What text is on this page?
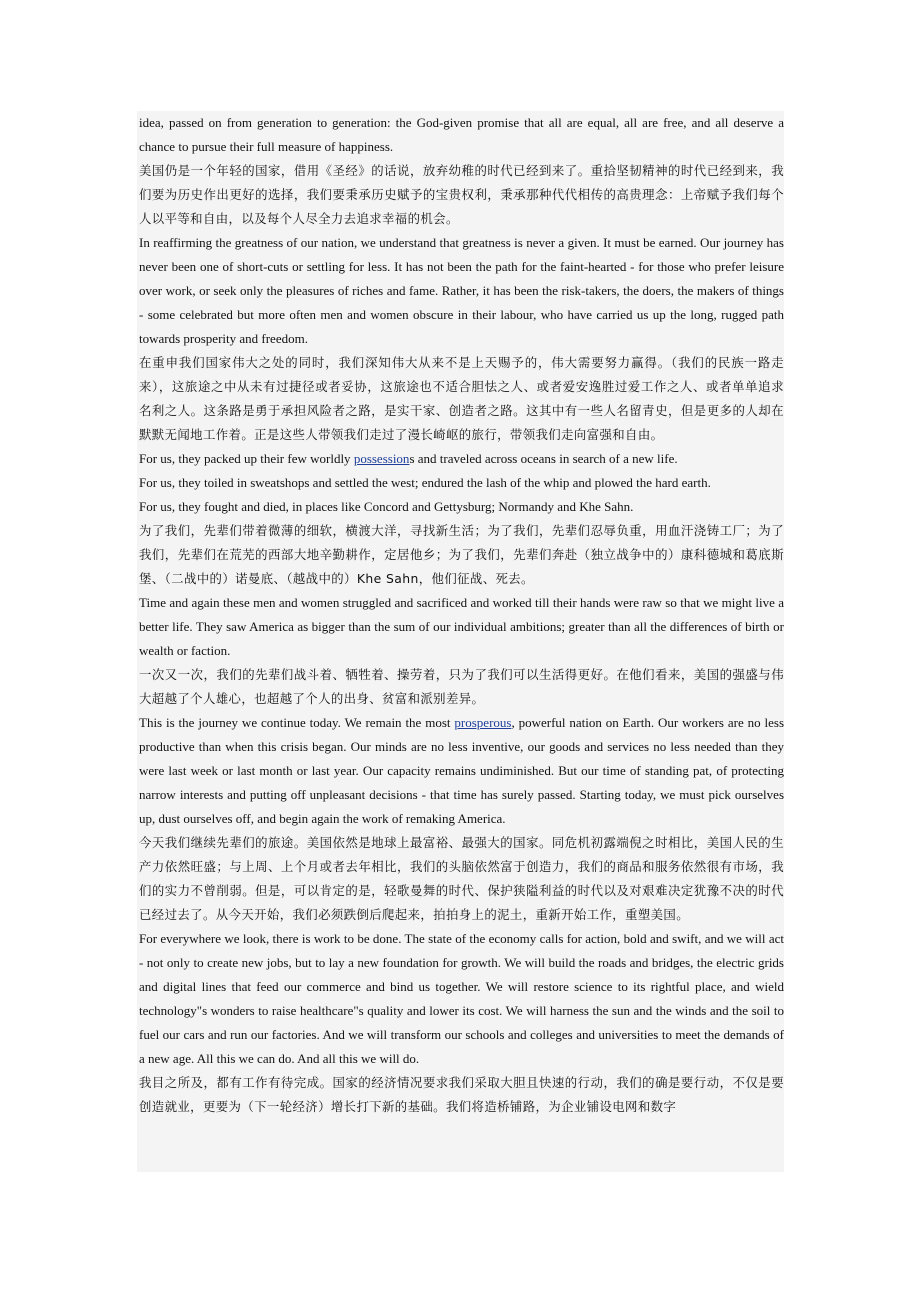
idea, passed on from generation to generation: the God-given promise that all are equal, all are free, and all deserve a chance to pursue their full measure of happiness.

美国仍是一个年轻的国家，借用《圣经》的话说，放弃幼稚的时代已经到来了。重拾坚韧精神的时代已经到来，我们要为历史作出更好的选择，我们要秉承历史赋予的宝贵权利，秉承那种代代相传的高贵理念：上帝赋予我们每个人以平等和自由，以及每个人尽全力去追求幸福的机会。

In reaffirming the greatness of our nation, we understand that greatness is never a given. It must be earned. Our journey has never been one of short-cuts or settling for less. It has not been the path for the faint-hearted - for those who prefer leisure over work, or seek only the pleasures of riches and fame. Rather, it has been the risk-takers, the doers, the makers of things - some celebrated but more often men and women obscure in their labour, who have carried us up the long, rugged path towards prosperity and freedom.

在重申我们国家伟大之处的同时，我们深知伟大从来不是上天赐予的，伟大需要努力赢得。（我们的民族一路走来），这旅途之中从未有过捷径或者妥协，这旅途也不适合胆怯之人、或者爱安逸胜过爱工作之人、或者单单追求名利之人。这条路是勇于承担风险者之路，是实干家、创造者之路。这其中有一些人名留青史，但是更多的人却在默默无闻地工作着。正是这些人带领我们走过了漫长崎岖的旅行，带领我们走向富强和自由。

For us, they packed up their few worldly possessions and traveled across oceans in search of a new life.

For us, they toiled in sweatshops and settled the west; endured the lash of the whip and plowed the hard earth.

For us, they fought and died, in places like Concord and Gettysburg; Normandy and Khe Sahn.

为了我们，先辈们带着微薄的细软，横渡大洋，寻找新生活；为了我们，先辈们忍辱负重，用血汗浇铸工厂；为了我们，先辈们在荒芜的西部大地辛勤耕作，定居他乡；为了我们，先辈们奔赴（独立战争中的）康科德城和葛底斯堡、（二战中的）诺曼底、（越战中的）Khe Sahn，他们征战、死去。

Time and again these men and women struggled and sacrificed and worked till their hands were raw so that we might live a better life. They saw America as bigger than the sum of our individual ambitions; greater than all the differences of birth or wealth or faction.

一次又一次，我们的先辈们战斗着、牺牲着、操劳着，只为了我们可以生活得更好。在他们看来，美国的强盛与伟大超越了个人雄心，也超越了个人的出身、贫富和派别差异。

This is the journey we continue today. We remain the most prosperous, powerful nation on Earth. Our workers are no less productive than when this crisis began. Our minds are no less inventive, our goods and services no less needed than they were last week or last month or last year. Our capacity remains undiminished. But our time of standing pat, of protecting narrow interests and putting off unpleasant decisions - that time has surely passed. Starting today, we must pick ourselves up, dust ourselves off, and begin again the work of remaking America.

今天我们继续先辈们的旅途。美国依然是地球上最富裕、最强大的国家。同危机初露端倪之时相比，美国人民的生产力依然旺盛；与上周、上个月或者去年相比，我们的头脑依然富于创造力，我们的商品和服务依然很有市场，我们的实力不曾削弱。但是，可以肯定的是，轻歌曼舞的时代、保护狭隘利益的时代以及对艰难决定犹豫不决的时代已经过去了。从今天开始，我们必须跌倒后爬起来，拍拍身上的泥土，重新开始工作，重塑美国。

For everywhere we look, there is work to be done. The state of the economy calls for action, bold and swift, and we will act - not only to create new jobs, but to lay a new foundation for growth. We will build the roads and bridges, the electric grids and digital lines that feed our commerce and bind us together. We will restore science to its rightful place, and wield technology"s wonders to raise healthcare"s quality and lower its cost. We will harness the sun and the winds and the soil to fuel our cars and run our factories. And we will transform our schools and colleges and universities to meet the demands of a new age. All this we can do. And all this we will do.

我目之所及，都有工作有待完成。国家的经济情况要求我们采取大胆且快速的行动，我们的确是要行动，不仅是要创造就业，更要为（下一轮经济）增长打下新的基础。我们将造桥铺路，为企业铺设电网和数字
